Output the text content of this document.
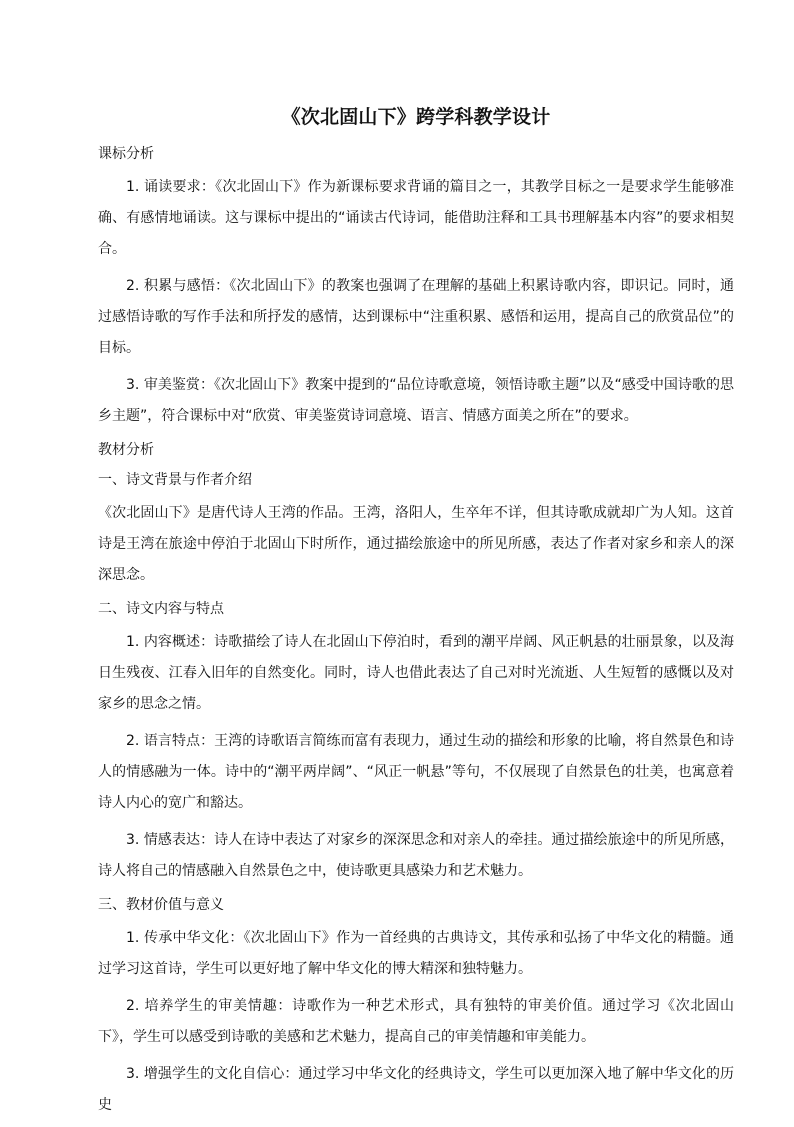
《次北固山下》跨学科教学设计

课标分析

1. 诵读要求：《次北固山下》作为新课标要求背诵的篇目之一，其教学目标之一是要求学生能够准确、有感情地诵读。这与课标中提出的“诵读古代诗词，能借助注释和工具书理解基本内容”的要求相契合。

2. 积累与感悟：《次北固山下》的教案也强调了在理解的基础上积累诗歌内容，即识记。同时，通过感悟诗歌的写作手法和所抒发的感情，达到课标中“注重积累、感悟和运用，提高自己的欣赏品位”的目标。

3. 审美鉴赏：《次北固山下》教案中提到的“品位诗歌意境，领悟诗歌主题”以及“感受中国诗歌的思乡主题”，符合课标中对“欣赏、审美鉴赏诗词意境、语言、情感方面美之所在”的要求。

教材分析

一、诗文背景与作者介绍

《次北固山下》是唐代诗人王湾的作品。王湾，洛阳人，生卒年不详，但其诗歌成就却广为人知。这首诗是王湾在旅途中停泊于北固山下时所作，通过描绘旅途中的所见所感，表达了作者对家乡和亲人的深深思念。

二、诗文内容与特点

1. 内容概述：诗歌描绘了诗人在北固山下停泊时，看到的潮平岸阔、风正帆悬的壮丽景象，以及海日生残夜、江春入旧年的自然变化。同时，诗人也借此表达了自己对时光流逝、人生短暂的感慨以及对家乡的思念之情。

2. 语言特点：王湾的诗歌语言简练而富有表现力，通过生动的描绘和形象的比喻，将自然景色和诗人的情感融为一体。诗中的“潮平两岸阔”、“风正一帆悬”等句，不仅展现了自然景色的壮美，也寓意着诗人内心的宽广和豁达。

3. 情感表达：诗人在诗中表达了对家乡的深深思念和对亲人的牵挂。通过描绘旅途中的所见所感，诗人将自己的情感融入自然景色之中，使诗歌更具感染力和艺术魅力。

三、教材价值与意义

1. 传承中华文化：《次北固山下》作为一首经典的古典诗文，其传承和弘扬了中华文化的精髓。通过学习这首诗，学生可以更好地了解中华文化的博大精深和独特魅力。

2. 培养学生的审美情趣：诗歌作为一种艺术形式，具有独特的审美价值。通过学习《次北固山下》，学生可以感受到诗歌的美感和艺术魅力，提高自己的审美情趣和审美能力。

3. 增强学生的文化自信心：通过学习中华文化的经典诗文，学生可以更加深入地了解中华文化的历史
